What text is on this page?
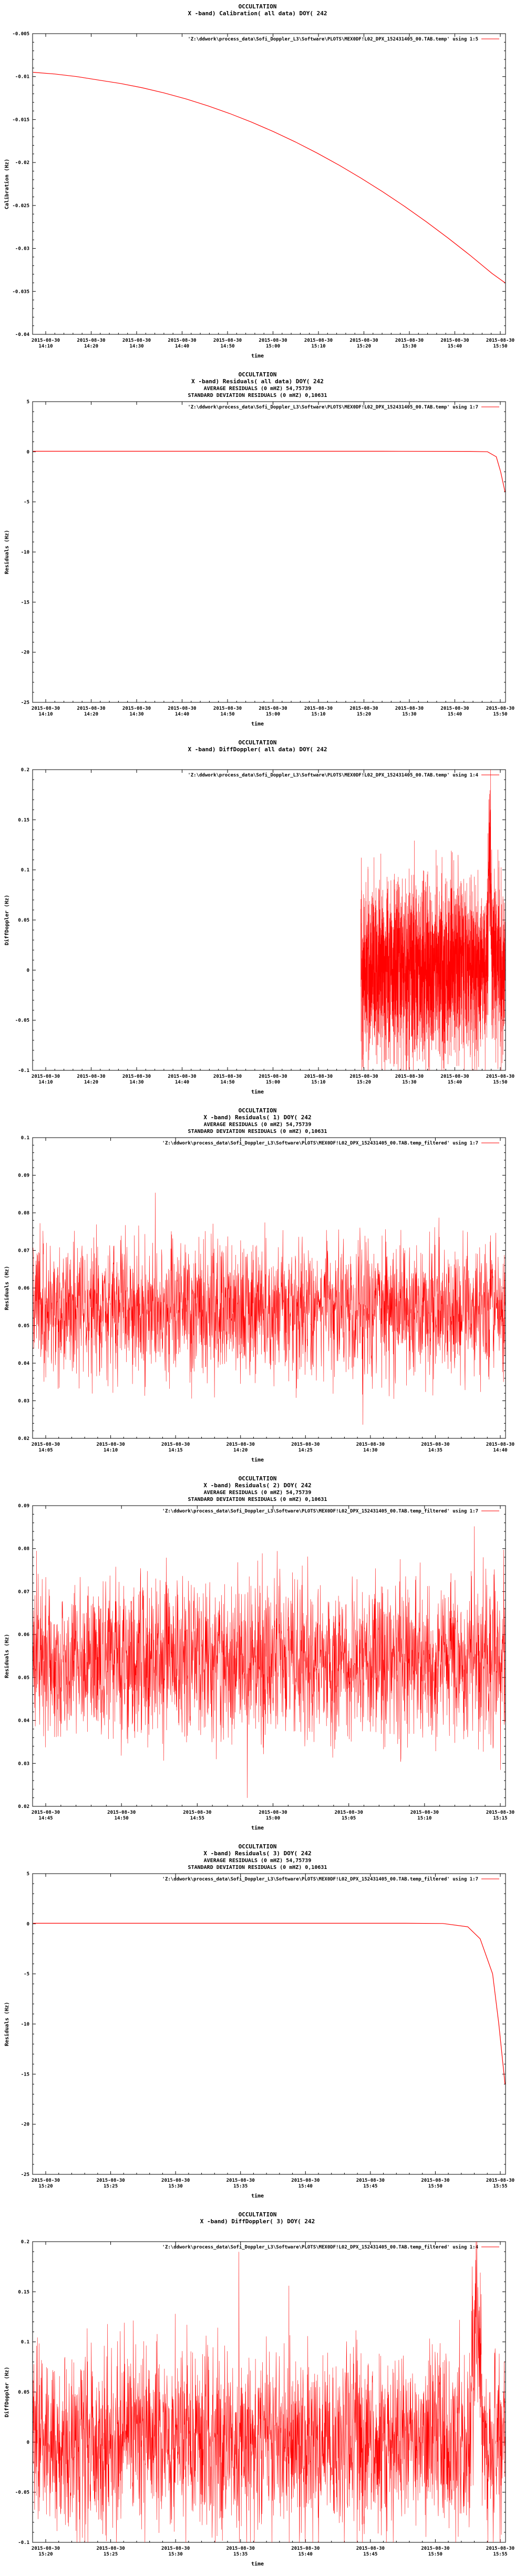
OCCULTATION
X -band) Calibration( all data) DOY( 242
-0.005
-0.01
-0.015
-0.02
-0.025
-0.03
-0.035
-0.04
2015-08-30 14:10
2015-08-30 14:20
2015-08-30 14:30
2015-08-30 14:40
2015-08-30 14:50
2015-08-30 15:00
2015-08-30 15:10
2015-08-30 15:20
2015-08-30 15:30
2015-08-30 15:40
2015-08-30 15:50
time
Calibration (Hz)
'Z:\ddwork\process_data\Sofi_Doppler_L3\Software\PLOTS\MEX0DF!L02_DPX_152431405_00.TAB.temp' using 1:5
OCCULTATION
X -band) Residuals( all data) DOY( 242
AVERAGE RESIDUALS (0 mHZ) 54,75739
STANDARD DEVIATION RESIDUALS (0 mHZ) 0,10631
5
0
-5
-10
-15
-20
-25
2015-08-30 14:10
2015-08-30 14:20
2015-08-30 14:30
2015-08-30 14:40
2015-08-30 14:50
2015-08-30 15:00
2015-08-30 15:10
2015-08-30 15:20
2015-08-30 15:30
2015-08-30 15:40
2015-08-30 15:50
time
Residuals (Hz)
'Z:\ddwork\process_data\Sofi_Doppler_L3\Software\PLOTS\MEX0DF!L02_DPX_152431405_00.TAB.temp' using 1:7
OCCULTATION
X -band) DiffDoppler( all data) DOY( 242
0.2
0.15
0.1
0.05
0
-0.05
-0.1
2015-08-30 14:10
2015-08-30 14:20
2015-08-30 14:30
2015-08-30 14:40
2015-08-30 14:50
2015-08-30 15:00
2015-08-30 15:10
2015-08-30 15:20
2015-08-30 15:30
2015-08-30 15:40
2015-08-30 15:50
time
DiffDoppler (Hz)
'Z:\ddwork\process_data\Sofi_Doppler_L3\Software\PLOTS\MEX0DF!L02_DPX_152431405_00.TAB.temp' using 1:4
OCCULTATION
X -band) Residuals( 1) DOY( 242
AVERAGE RESIDUALS (0 mHZ) 54,75739
STANDARD DEVIATION RESIDUALS (0 mHZ) 0,10631
0.1
0.09
0.08
0.07
0.06
0.05
0.04
0.03
0.02
2015-08-30 14:05
2015-08-30 14:10
2015-08-30 14:15
2015-08-30 14:20
2015-08-30 14:25
2015-08-30 14:30
2015-08-30 14:35
2015-08-30 14:40
time
Residuals (Hz)
'Z:\ddwork\process_data\Sofi_Doppler_L3\Software\PLOTS\MEX0DF!L02_DPX_152431405_00.TAB.temp_filtered' using 1:7
OCCULTATION
X -band) Residuals( 2) DOY( 242
AVERAGE RESIDUALS (0 mHZ) 54,75739
STANDARD DEVIATION RESIDUALS (0 mHZ) 0,10631
0.09
0.08
0.07
0.06
0.05
0.04
0.03
0.02
2015-08-30 14:45
2015-08-30 14:50
2015-08-30 14:55
2015-08-30 15:00
2015-08-30 15:05
2015-08-30 15:10
2015-08-30 15:15
time
Residuals (Hz)
'Z:\ddwork\process_data\Sofi_Doppler_L3\Software\PLOTS\MEX0DF!L02_DPX_152431405_00.TAB.temp_filtered' using 1:7
OCCULTATION
X -band) Residuals( 3) DOY( 242
AVERAGE RESIDUALS (0 mHZ) 54,75739
STANDARD DEVIATION RESIDUALS (0 mHZ) 0,10631
5
0
-5
-10
-15
-20
-25
2015-08-30 15:20
2015-08-30 15:25
2015-08-30 15:30
2015-08-30 15:35
2015-08-30 15:40
2015-08-30 15:45
2015-08-30 15:50
2015-08-30 15:55
time
Residuals (Hz)
'Z:\ddwork\process_data\Sofi_Doppler_L3\Software\PLOTS\MEX0DF!L02_DPX_152431405_00.TAB.temp_filtered' using 1:7
OCCULTATION
X -band) DiffDoppler( 3) DOY( 242
0.2
0.15
0.1
0.05
0
-0.05
-0.1
2015-08-30 15:20
2015-08-30 15:25
2015-08-30 15:30
2015-08-30 15:35
2015-08-30 15:40
2015-08-30 15:45
2015-08-30 15:50
2015-08-30 15:55
time
DiffDoppler (Hz)
'Z:\ddwork\process_data\Sofi_Doppler_L3\Software\PLOTS\MEX0DF!L02_DPX_152431405_00.TAB.temp_filtered' using 1:4
